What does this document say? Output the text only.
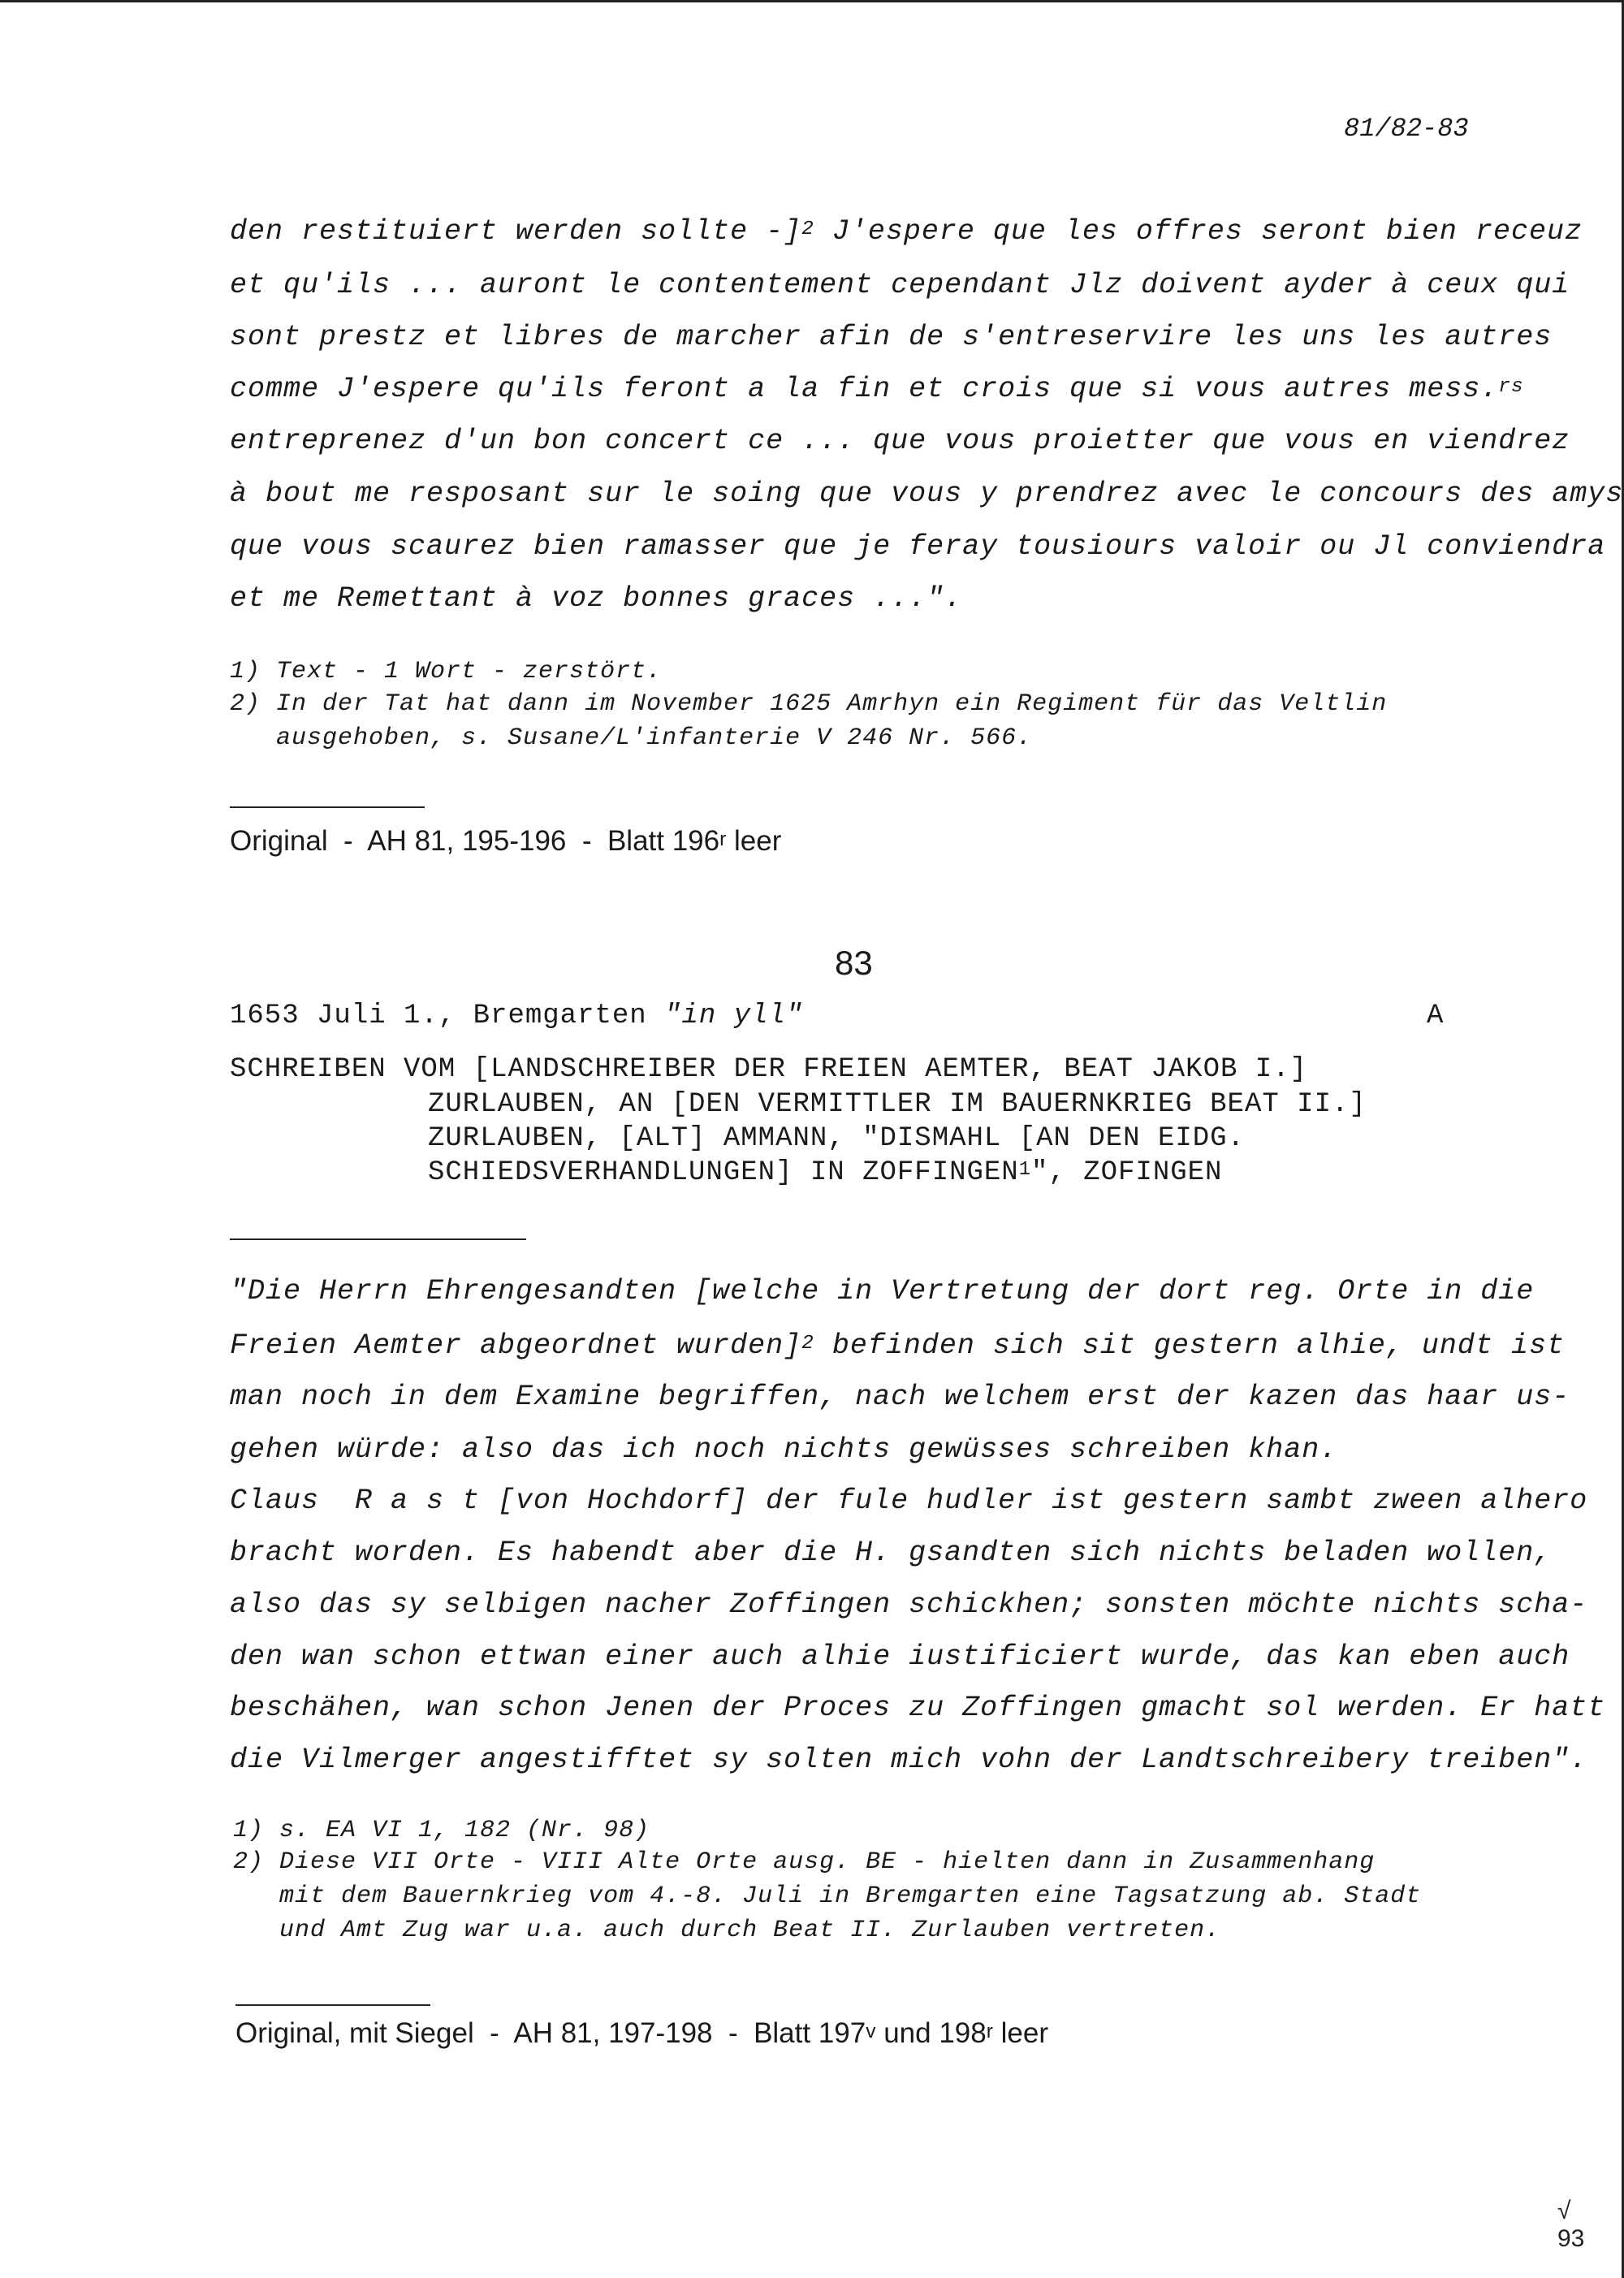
81/82-83
den restituiert werden sollte -]$^2$ J'espere que les offres seront bien receuz
et qu'ils ... auront le contentement cependant Jlz doivent ayder à ceux qui
sont prestz et libres de marcher afin de s'entreservire les uns les autres
comme J'espere qu'ils feront a la fin et crois que si vous autres mess.$^{rs}$
entreprenez d'un bon concert ce ... que vous proietter que vous en viendrez
à bout me resposant sur le soing que vous y prendrez avec le concours des amys
que vous scaurez bien ramasser que je feray tousiours valoir ou Jl conviendra
et me Remettant à voz bonnes graces ...".
1) Text - 1 Wort - zerstört.
2) In der Tat hat dann im November 1625 Amrhyn ein Regiment für das Veltlin
ausgehoben, s. Susane/L'infanterie V 246 Nr. 566.
Original  -  AH 81, 195-196  -  Blatt 196$^r$ leer
83
1653 Juli 1., Bremgarten "in yll"	A
SCHREIBEN VOM [LANDSCHREIBER DER FREIEN AEMTER, BEAT JAKOB I.]
ZURLAUBEN, AN [DEN VERMITTLER IM BAUERNKRIEG BEAT II.]
ZURLAUBEN, [ALT] AMMANN, "DISMAHL [AN DEN EIDG.
SCHIEDSVERHANDLUNGEN] IN ZOFFINGEN$^1$", ZOFINGEN
"Die Herrn Ehrengesandten [welche in Vertretung der dort reg. Orte in die
Freien Aemter abgeordnet wurden]$^2$ befinden sich sit gestern alhie, undt ist
man noch in dem Examine begriffen, nach welchem erst der kazen das haar us-
gehen würde: also das ich noch nichts gewüsses schreiben khan.
Claus  R a s t [von Hochdorf] der fule hudler ist gestern sambt zween alhero
bracht worden. Es habendt aber die H. gsandten sich nichts beladen wollen,
also das sy selbigen nacher Zoffingen schickhen; sonsten möchte nichts scha-
den wan schon ettwan einer auch alhie iustificiert wurde, das kan eben auch
beschähen, wan schon Jenen der Proces zu Zoffingen gmacht sol werden. Er hatt
die Vilmerger angestifftet sy solten mich vohn der Landtschreibery treiben".
1) s. EA VI 1, 182 (Nr. 98)
2) Diese VII Orte - VIII Alte Orte ausg. BE - hielten dann in Zusammenhang
mit dem Bauernkrieg vom 4.-8. Juli in Bremgarten eine Tagsatzung ab. Stadt
und Amt Zug war u.a. auch durch Beat II. Zurlauben vertreten.
Original, mit Siegel  -  AH 81, 197-198  -  Blatt 197$^v$ und 198$^r$ leer
√
93
